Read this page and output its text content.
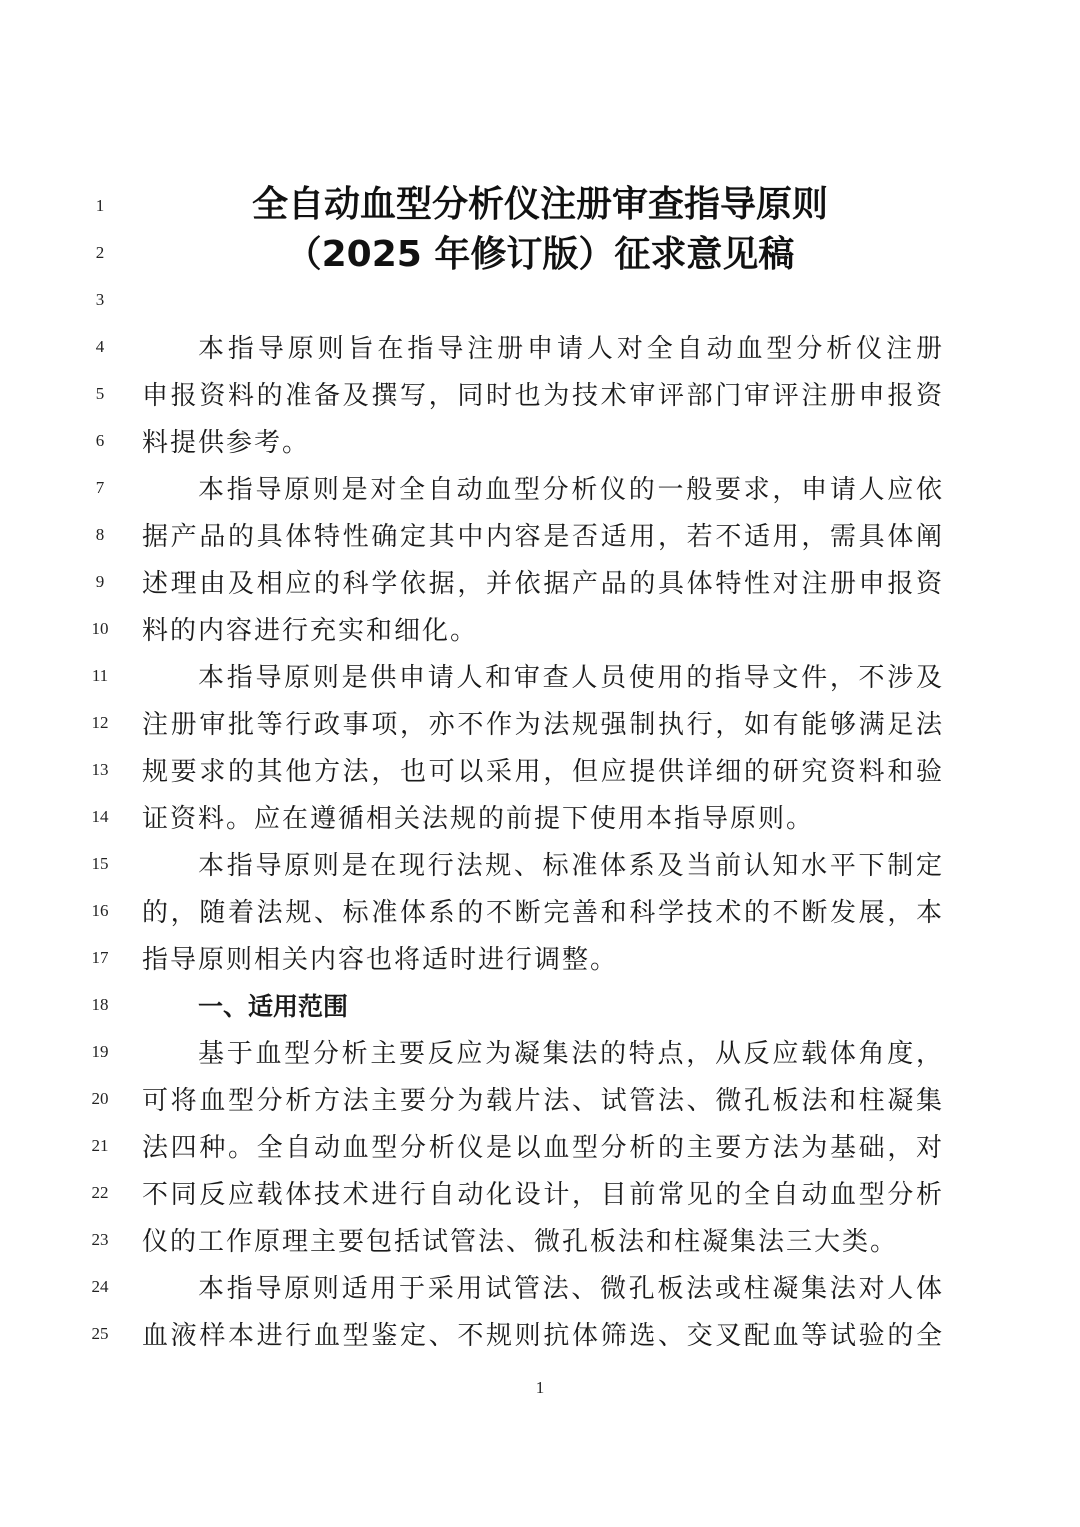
1
2
3
4
5
6
7
8
9
10
11
12
13
14
15
16
17
18
19
20
21
22
23
24
25
全自动血型分析仪注册审查指导原则
（2025 年修订版）征求意见稿
本指导原则旨在指导注册申请人对全自动血型分析仪注册
申报资料的准备及撰写，同时也为技术审评部门审评注册申报资
料提供参考。
本指导原则是对全自动血型分析仪的一般要求，申请人应依
据产品的具体特性确定其中内容是否适用，若不适用，需具体阐
述理由及相应的科学依据，并依据产品的具体特性对注册申报资
料的内容进行充实和细化。
本指导原则是供申请人和审查人员使用的指导文件，不涉及
注册审批等行政事项，亦不作为法规强制执行，如有能够满足法
规要求的其他方法，也可以采用，但应提供详细的研究资料和验
证资料。应在遵循相关法规的前提下使用本指导原则。
本指导原则是在现行法规、标准体系及当前认知水平下制定
的，随着法规、标准体系的不断完善和科学技术的不断发展，本
指导原则相关内容也将适时进行调整。
一、适用范围
基于血型分析主要反应为凝集法的特点，从反应载体角度，
可将血型分析方法主要分为载片法、试管法、微孔板法和柱凝集
法四种。全自动血型分析仪是以血型分析的主要方法为基础，对
不同反应载体技术进行自动化设计，目前常见的全自动血型分析
仪的工作原理主要包括试管法、微孔板法和柱凝集法三大类。
本指导原则适用于采用试管法、微孔板法或柱凝集法对人体
血液样本进行血型鉴定、不规则抗体筛选、交叉配血等试验的全
1
